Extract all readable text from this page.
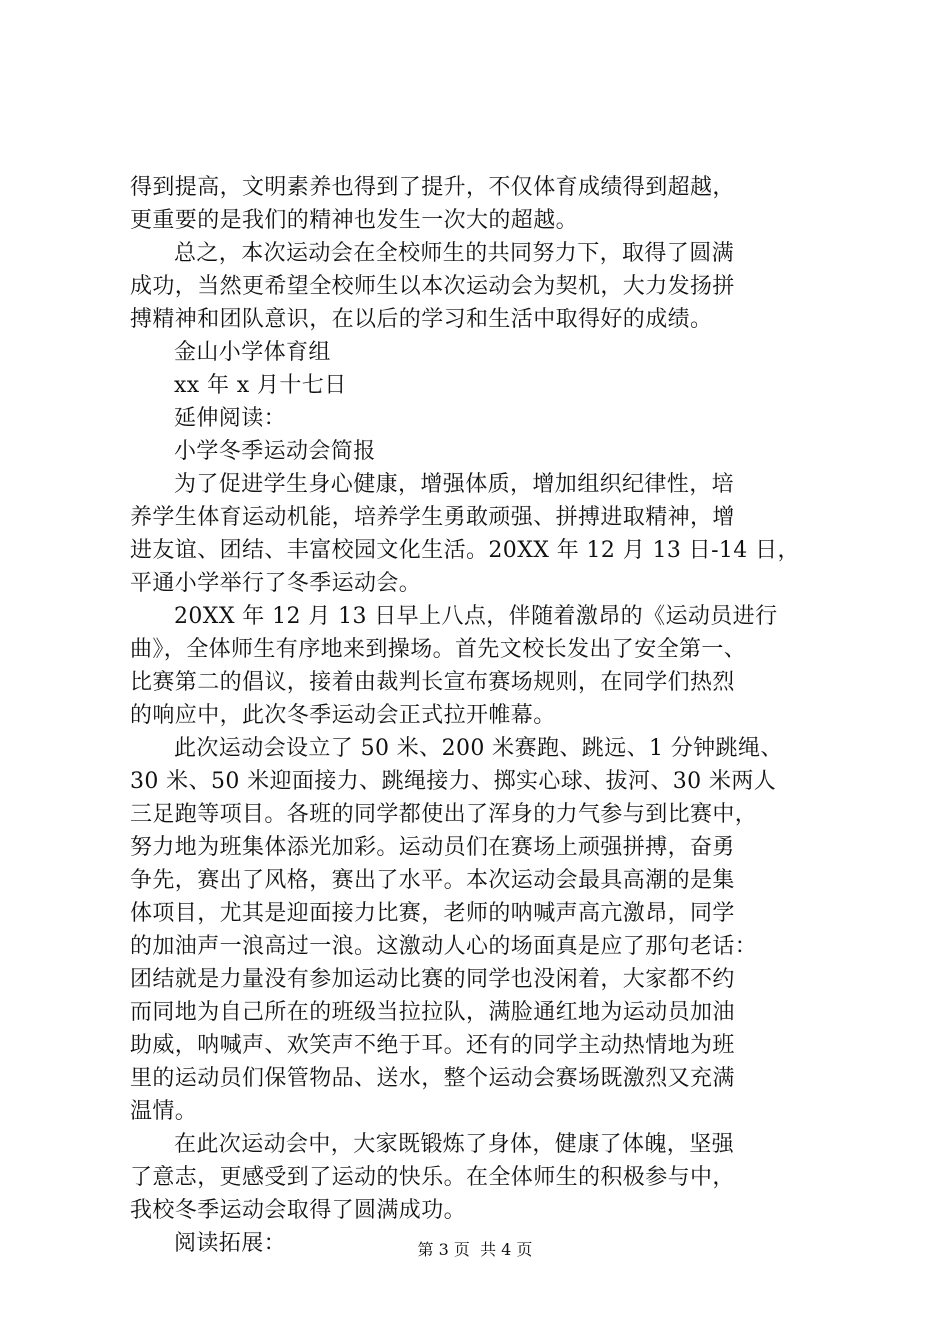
得到提高，文明素养也得到了提升，不仅体育成绩得到超越，
更重要的是我们的精神也发生一次大的超越。
总之，本次运动会在全校师生的共同努力下，取得了圆满
成功，当然更希望全校师生以本次运动会为契机，大力发扬拼
搏精神和团队意识，在以后的学习和生活中取得好的成绩。
金山小学体育组
xx 年 x 月十七日
延伸阅读：
小学冬季运动会简报
为了促进学生身心健康，增强体质，增加组织纪律性，培
养学生体育运动机能，培养学生勇敢顽强、拼搏进取精神，增
进友谊、团结、丰富校园文化生活。20XX 年 12 月 13 日-14 日，
平通小学举行了冬季运动会。
20XX 年 12 月 13 日早上八点，伴随着激昂的《运动员进行
曲》，全体师生有序地来到操场。首先文校长发出了安全第一、
比赛第二的倡议，接着由裁判长宣布赛场规则，在同学们热烈
的响应中，此次冬季运动会正式拉开帷幕。
此次运动会设立了 50 米、200 米赛跑、跳远、1 分钟跳绳、
30 米、50 米迎面接力、跳绳接力、掷实心球、拔河、30 米两人
三足跑等项目。各班的同学都使出了浑身的力气参与到比赛中，
努力地为班集体添光加彩。运动员们在赛场上顽强拼搏，奋勇
争先，赛出了风格，赛出了水平。本次运动会最具高潮的是集
体项目，尤其是迎面接力比赛，老师的呐喊声高亢激昂，同学
的加油声一浪高过一浪。这激动人心的场面真是应了那句老话：
团结就是力量没有参加运动比赛的同学也没闲着，大家都不约
而同地为自己所在的班级当拉拉队，满脸通红地为运动员加油
助威，呐喊声、欢笑声不绝于耳。还有的同学主动热情地为班
里的运动员们保管物品、送水，整个运动会赛场既激烈又充满
温情。
在此次运动会中，大家既锻炼了身体，健康了体魄，坚强
了意志，更感受到了运动的快乐。在全体师生的积极参与中，
我校冬季运动会取得了圆满成功。
阅读拓展：	第 3 页  共 4 页
